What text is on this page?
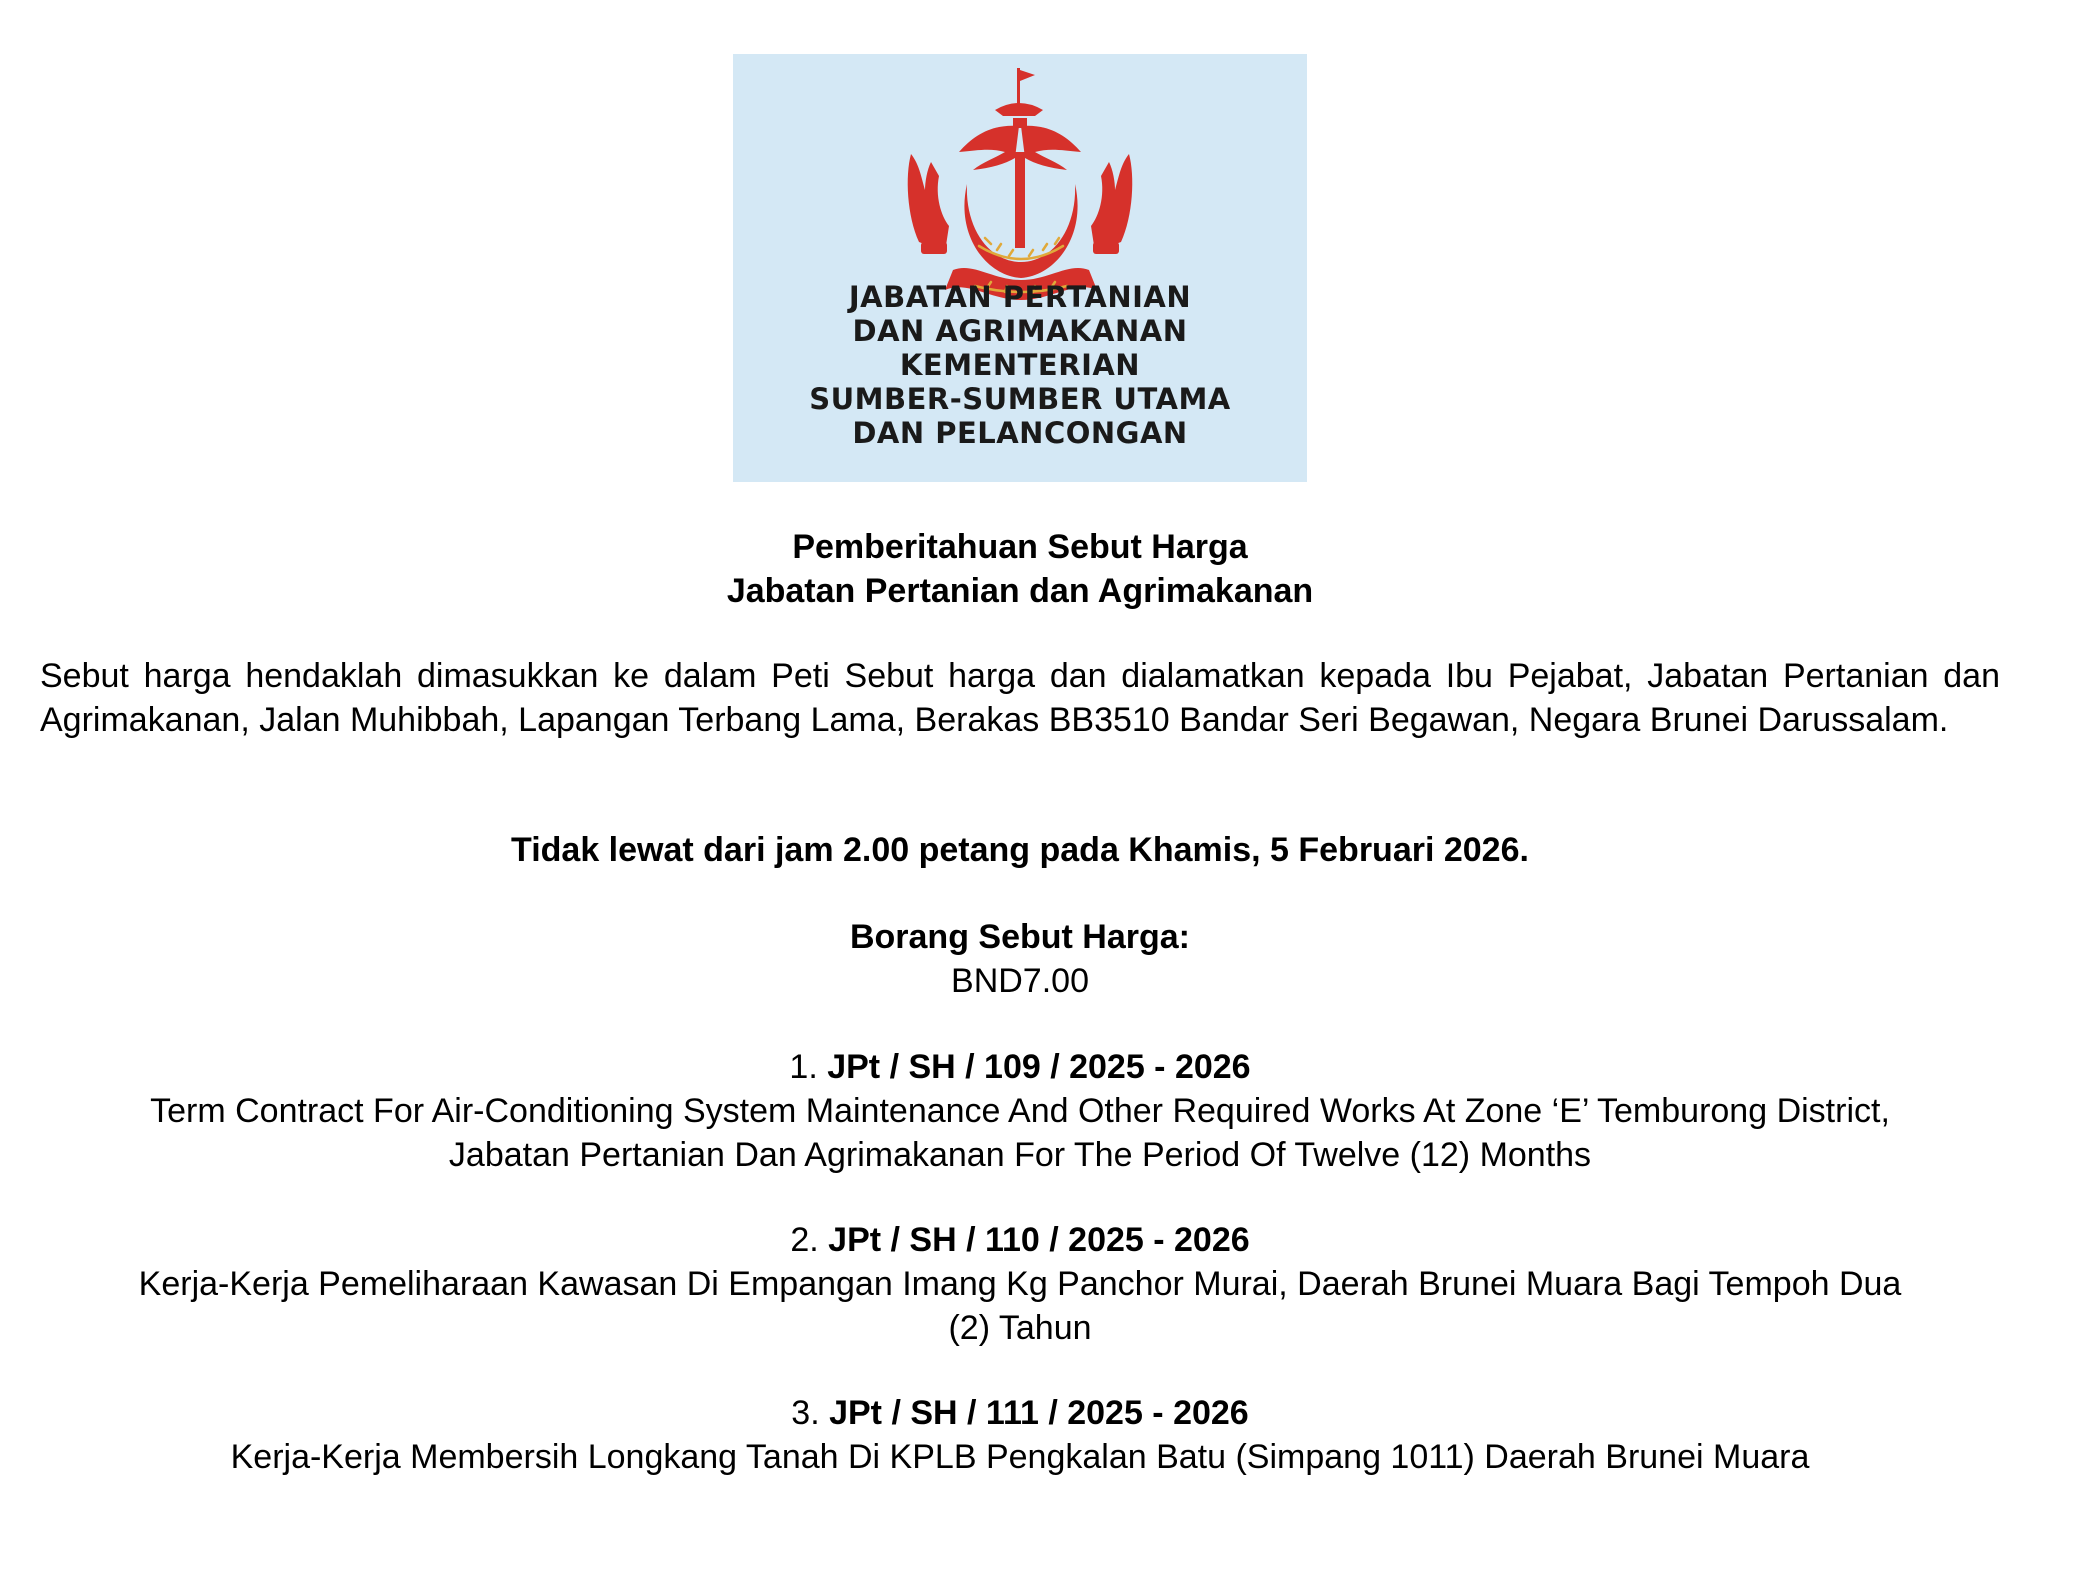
JABATAN PERTANIAN
DAN AGRIMAKANAN
KEMENTERIAN
SUMBER-SUMBER UTAMA
DAN PELANCONGAN
Pemberitahuan Sebut Harga
Jabatan Pertanian dan Agrimakanan
Sebut harga hendaklah dimasukkan ke dalam Peti Sebut harga dan dialamatkan kepada Ibu Pejabat, Jabatan Pertanian dan Agrimakanan, Jalan Muhibbah, Lapangan Terbang Lama, Berakas BB3510 Bandar Seri Begawan, Negara Brunei Darussalam.
Tidak lewat dari jam 2.00 petang pada Khamis, 5 Februari 2026.
Borang Sebut Harga:
BND7.00
1. JPt / SH / 109 / 2025 - 2026
Term Contract For Air-Conditioning System Maintenance And Other Required Works At Zone ‘E’ Temburong District,
Jabatan Pertanian Dan Agrimakanan For The Period Of Twelve (12) Months
2. JPt / SH / 110 / 2025 - 2026
Kerja-Kerja Pemeliharaan Kawasan Di Empangan Imang Kg Panchor Murai, Daerah Brunei Muara Bagi Tempoh Dua
(2) Tahun
3. JPt / SH / 111 / 2025 - 2026
Kerja-Kerja Membersih Longkang Tanah Di KPLB Pengkalan Batu (Simpang 1011) Daerah Brunei Muara
